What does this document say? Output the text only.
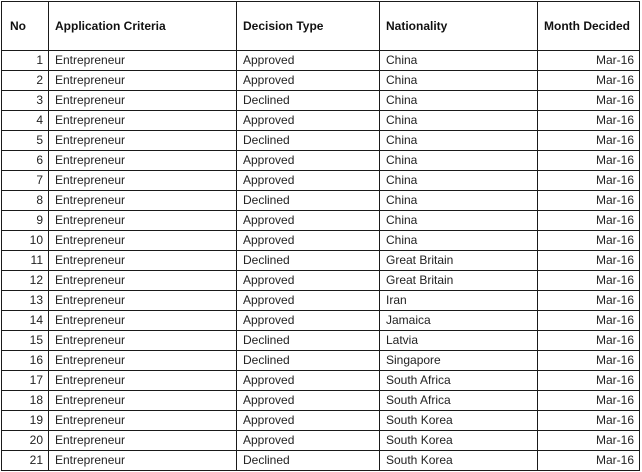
No	Application Criteria	Decision Type	Nationality	Month Decided
1	Entrepreneur	Approved	China	Mar-16
2	Entrepreneur	Approved	China	Mar-16
3	Entrepreneur	Declined	China	Mar-16
4	Entrepreneur	Approved	China	Mar-16
5	Entrepreneur	Declined	China	Mar-16
6	Entrepreneur	Approved	China	Mar-16
7	Entrepreneur	Approved	China	Mar-16
8	Entrepreneur	Declined	China	Mar-16
9	Entrepreneur	Approved	China	Mar-16
10	Entrepreneur	Approved	China	Mar-16
11	Entrepreneur	Declined	Great Britain	Mar-16
12	Entrepreneur	Approved	Great Britain	Mar-16
13	Entrepreneur	Approved	Iran	Mar-16
14	Entrepreneur	Approved	Jamaica	Mar-16
15	Entrepreneur	Declined	Latvia	Mar-16
16	Entrepreneur	Declined	Singapore	Mar-16
17	Entrepreneur	Approved	South Africa	Mar-16
18	Entrepreneur	Approved	South Africa	Mar-16
19	Entrepreneur	Approved	South Korea	Mar-16
20	Entrepreneur	Approved	South Korea	Mar-16
21	Entrepreneur	Declined	South Korea	Mar-16
